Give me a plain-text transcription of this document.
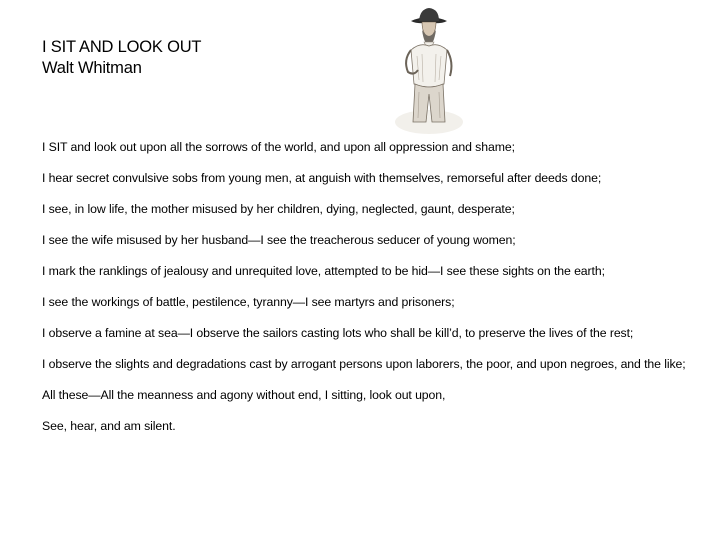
I SIT AND LOOK OUT
Walt Whitman

I SIT and look out upon all the sorrows of the world, and upon all oppression and shame;

I hear secret convulsive sobs from young men, at anguish with themselves, remorseful after deeds done;

I see, in low life, the mother misused by her children, dying, neglected, gaunt, desperate;

I see the wife misused by her husband—I see the treacherous seducer of young women;

I mark the ranklings of jealousy and unrequited love, attempted to be hid—I see these sights on the earth;

I see the workings of battle, pestilence, tyranny—I see martyrs and prisoners;

I observe a famine at sea—I observe the sailors casting lots who shall be kill’d, to preserve the lives of the rest;

I observe the slights and degradations cast by arrogant persons upon laborers, the poor, and upon negroes, and the like;

All these—All the meanness and agony without end, I sitting, look out upon,

See, hear, and am silent.
